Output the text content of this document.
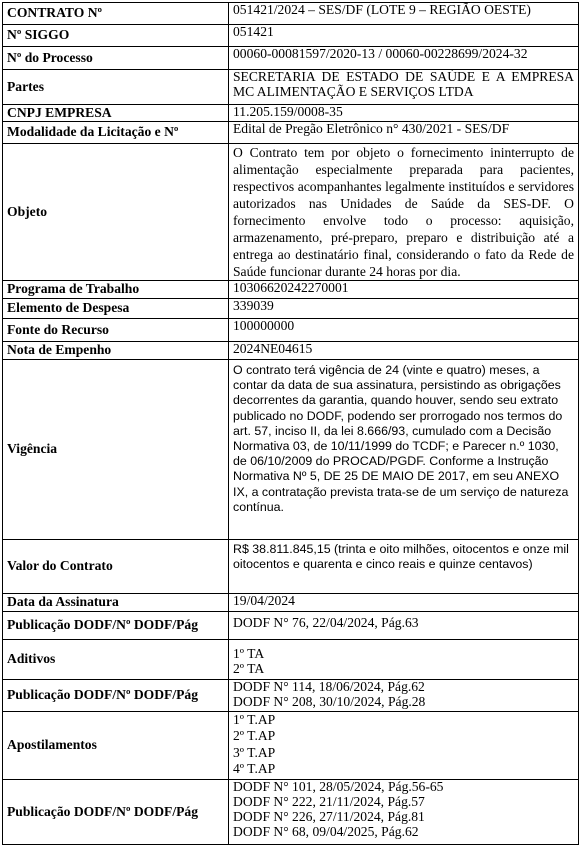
CONTRATO Nº	051421/2024 – SES/DF (LOTE 9 – REGIÃO OESTE)
Nº SIGGO	051421
Nº do Processo	00060-00081597/2020-13 / 00060-00228699/2024-32
Partes	SECRETARIA DE ESTADO DE SAÚDE E A EMPRESA MC ALIMENTAÇÃO E SERVIÇOS LTDA
CNPJ EMPRESA	11.205.159/0008-35
Modalidade da Licitação e Nº	Edital de Pregão Eletrônico n° 430/2021 - SES/DF
Objeto	O Contrato tem por objeto o fornecimento ininterrupto de alimentação especialmente preparada para pacientes, respectivos acompanhantes legalmente instituídos e servidores autorizados nas Unidades de Saúde da SES-DF. O fornecimento envolve todo o processo: aquisição, armazenamento, pré-preparo, preparo e distribuição até a entrega ao destinatário final, considerando o fato da Rede de Saúde funcionar durante 24 horas por dia.
Programa de Trabalho	10306620242270001
Elemento de Despesa	339039
Fonte do Recurso	100000000
Nota de Empenho	2024NE04615
Vigência	O contrato terá vigência de 24 (vinte e quatro) meses, a contar da data de sua assinatura, persistindo as obrigações decorrentes da garantia, quando houver, sendo seu extrato publicado no DODF, podendo ser prorrogado nos termos do art. 57, inciso II, da lei 8.666/93, cumulado com a Decisão Normativa 03, de 10/11/1999 do TCDF; e Parecer n.º 1030, de 06/10/2009 do PROCAD/PGDF. Conforme a Instrução Normativa Nº 5, DE 25 DE MAIO DE 2017, em seu ANEXO IX, a contratação prevista trata-se de um serviço de natureza contínua.
Valor do Contrato	R$ 38.811.845,15 (trinta e oito milhões, oitocentos e onze mil oitocentos e quarenta e cinco reais e quinze centavos)
Data da Assinatura	19/04/2024
Publicação DODF/Nº DODF/Pág	DODF N° 76, 22/04/2024, Pág.63
Aditivos	1º TA
2º TA

Publicação DODF/Nº DODF/Pág	DODF N° 114, 18/06/2024, Pág.62
DODF N° 208, 30/10/2024, Pág.28

Apostilamentos	1º T.AP
2º T.AP
3º T.AP
4º T.AP

Publicação DODF/Nº DODF/Pág	DODF N° 101, 28/05/2024, Pág.56-65
DODF N° 222, 21/11/2024, Pág.57
DODF N° 226, 27/11/2024, Pág.81
DODF N° 68, 09/04/2025, Pág.62
